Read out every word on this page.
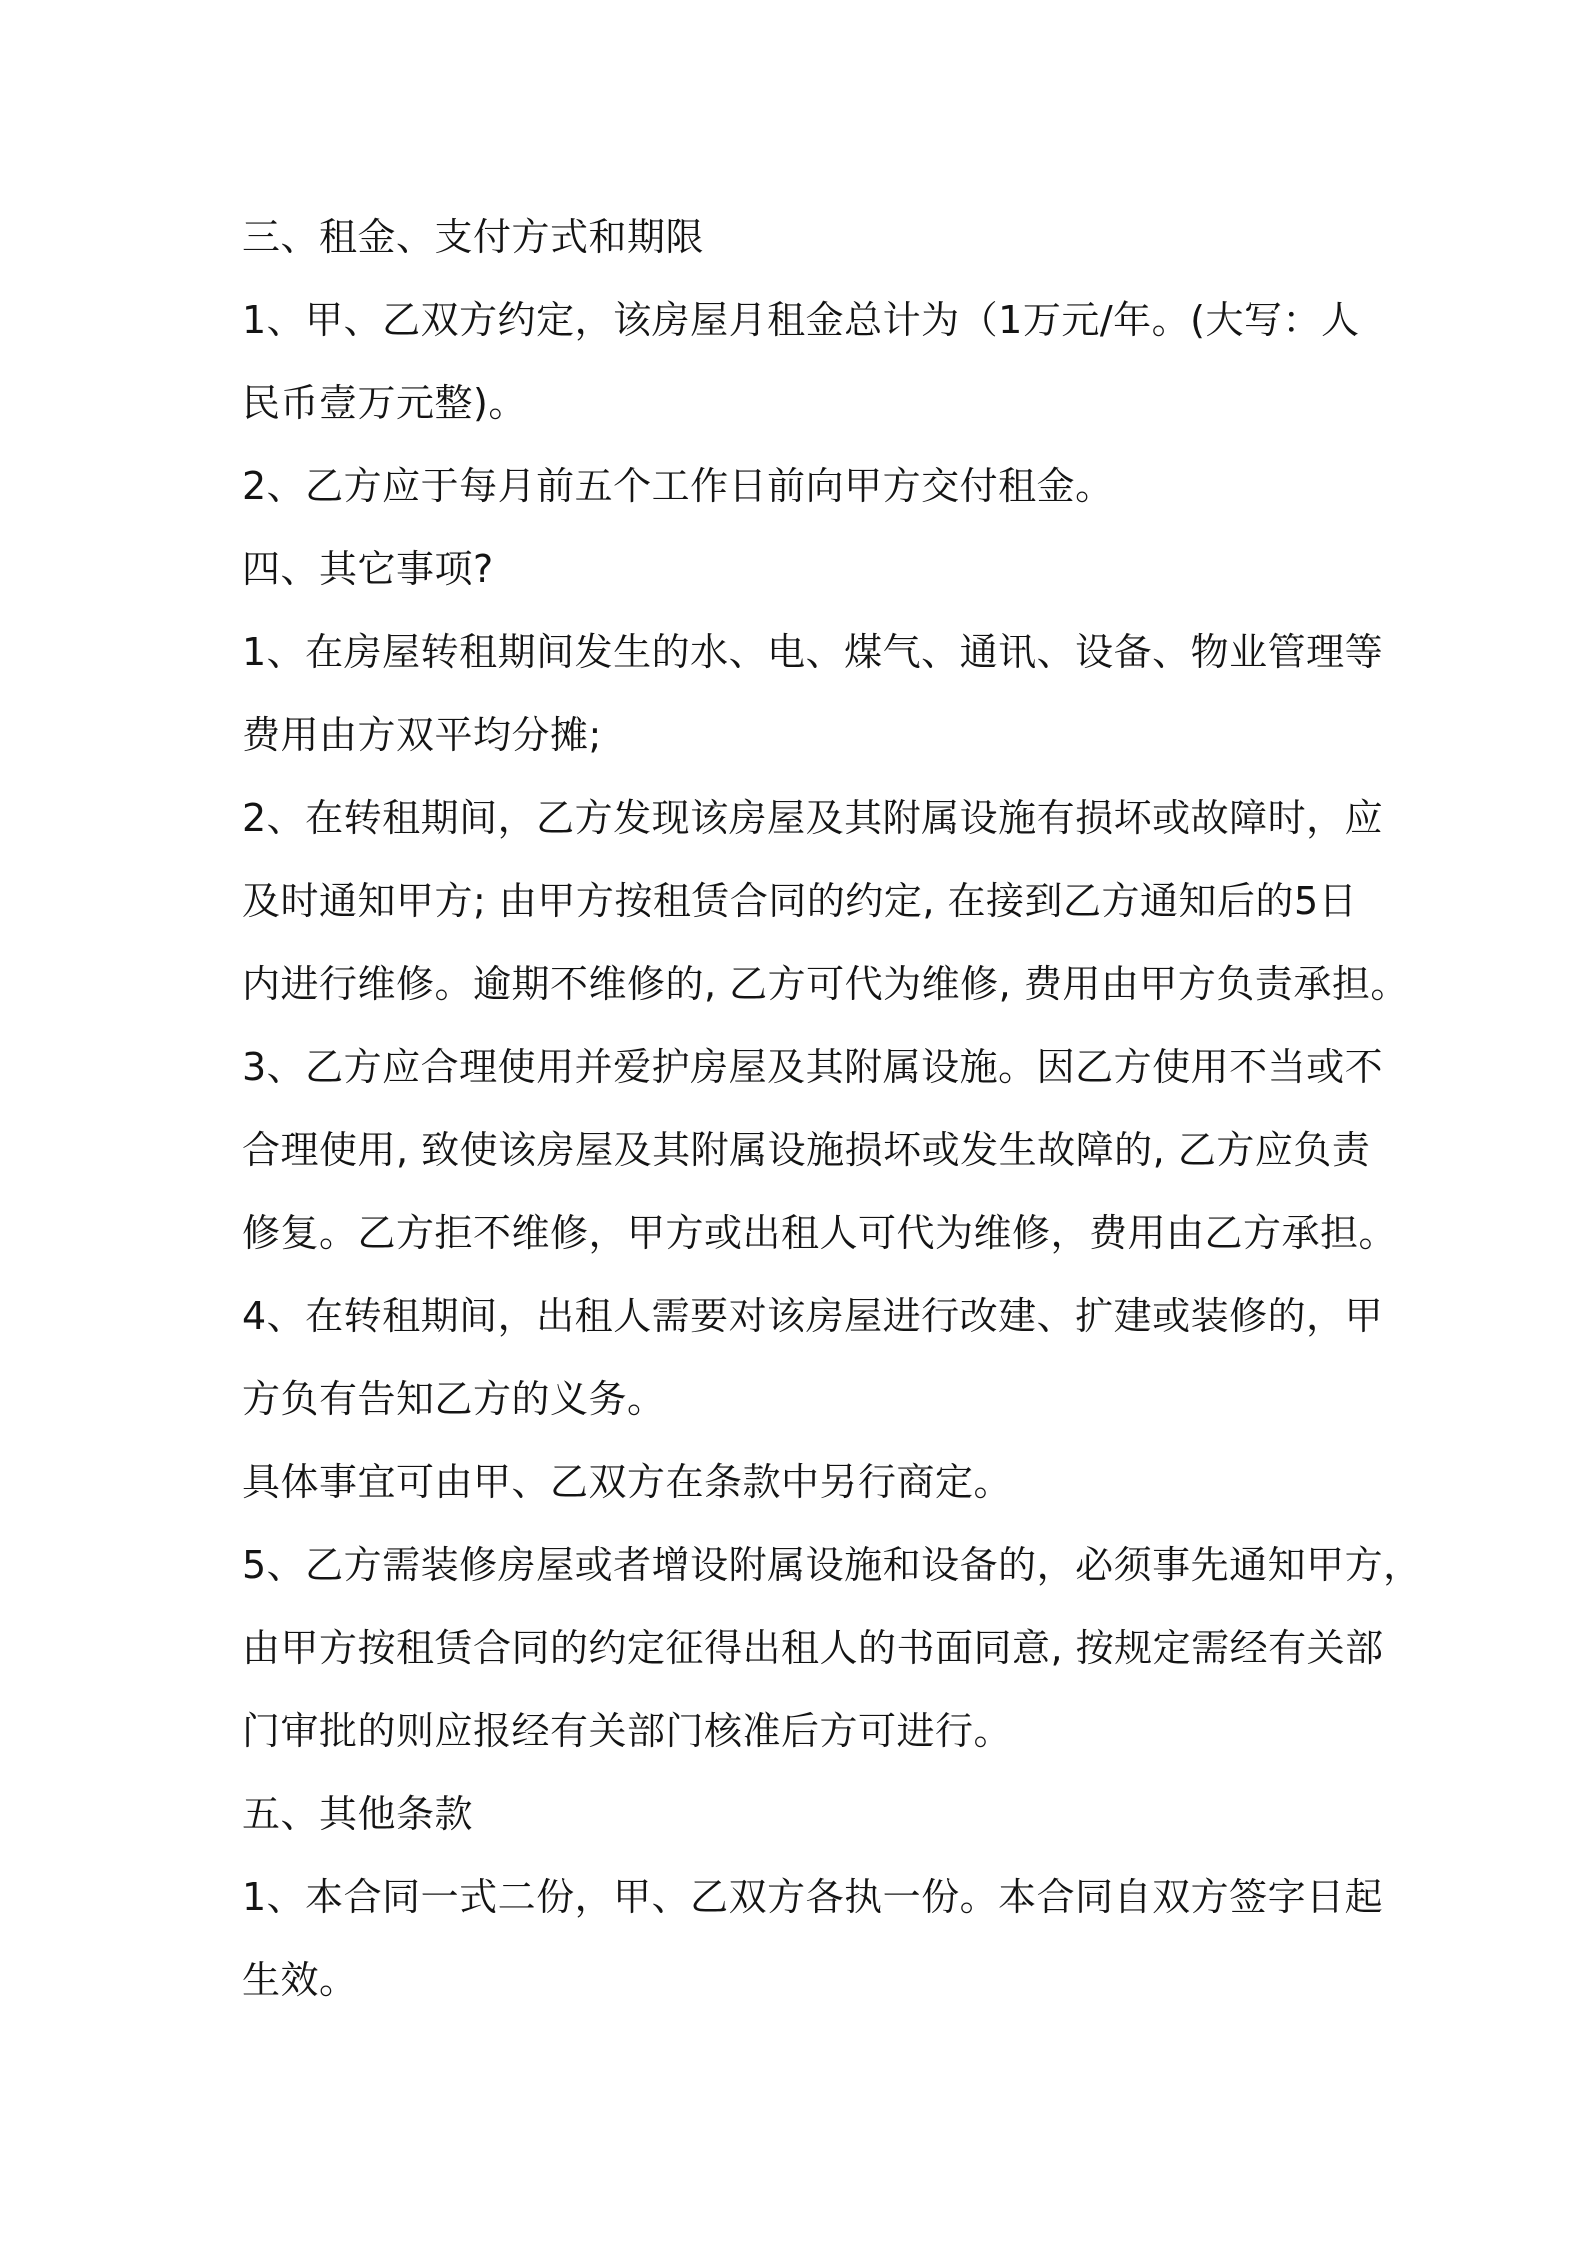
三、租金、支付方式和期限
1、甲、乙双方约定，该房屋月租金总计为（1万元/年。(大写：人
民币壹万元整)。
2、乙方应于每月前五个工作日前向甲方交付租金。
四、其它事项?
1、在房屋转租期间发生的水、电、煤气、通讯、设备、物业管理等
费用由方双平均分摊;
2、在转租期间，乙方发现该房屋及其附属设施有损坏或故障时，应
及时通知甲方; 由甲方按租赁合同的约定, 在接到乙方通知后的5日
内进行维修。逾期不维修的, 乙方可代为维修, 费用由甲方负责承担。
3、乙方应合理使用并爱护房屋及其附属设施。因乙方使用不当或不
合理使用, 致使该房屋及其附属设施损坏或发生故障的, 乙方应负责
修复。乙方拒不维修，甲方或出租人可代为维修，费用由乙方承担。
4、在转租期间，出租人需要对该房屋进行改建、扩建或装修的，甲
方负有告知乙方的义务。
具体事宜可由甲、乙双方在条款中另行商定。
5、乙方需装修房屋或者增设附属设施和设备的，必须事先通知甲方，
由甲方按租赁合同的约定征得出租人的书面同意, 按规定需经有关部
门审批的则应报经有关部门核准后方可进行。
五、其他条款
1、本合同一式二份，甲、乙双方各执一份。本合同自双方签字日起
生效。
